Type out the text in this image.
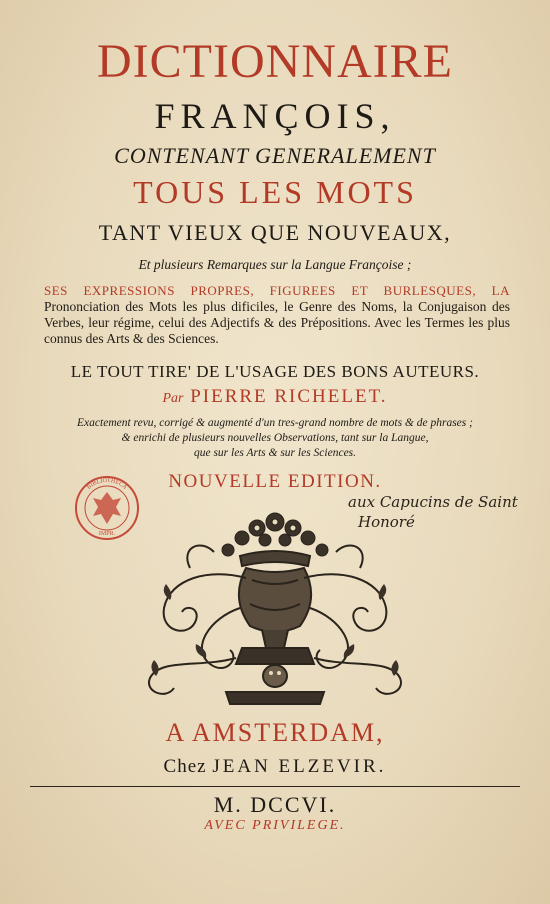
DICTIONNAIRE
FRANÇOIS,
CONTENANT GENERALEMENT
TOUS LES MOTS
TANT VIEUX QUE NOUVEAUX,
Et plusieurs Remarques sur la Langue Françoise ;
SES EXPRESSIONS PROPRES, FIGUREES ET BURLESQUES, LA Prononciation des Mots les plus dificiles, le Genre des Noms, la Conjugaison des Verbes, leur régime, celui des Adjectifs & des Prépositions. Avec les Termes les plus connus des Arts & des Sciences.
LE TOUT TIRE' DE L'USAGE DES BONS AUTEURS.
Par PIERRE RICHELET.
Exactement revu, corrigé & augmenté d'un tres-grand nombre de mots & de phrases ;
& enrichi de plusieurs nouvelles Observations, tant sur la Langue,
que sur les Arts & sur les Sciences.
NOUVELLE EDITION.
aux Capucins de Saint
Honoré
BIBLIOTHECA
IMPR.
A AMSTERDAM,
Chez JEAN ELZEVIR.
M. DCCVI.
AVEC PRIVILEGE.
